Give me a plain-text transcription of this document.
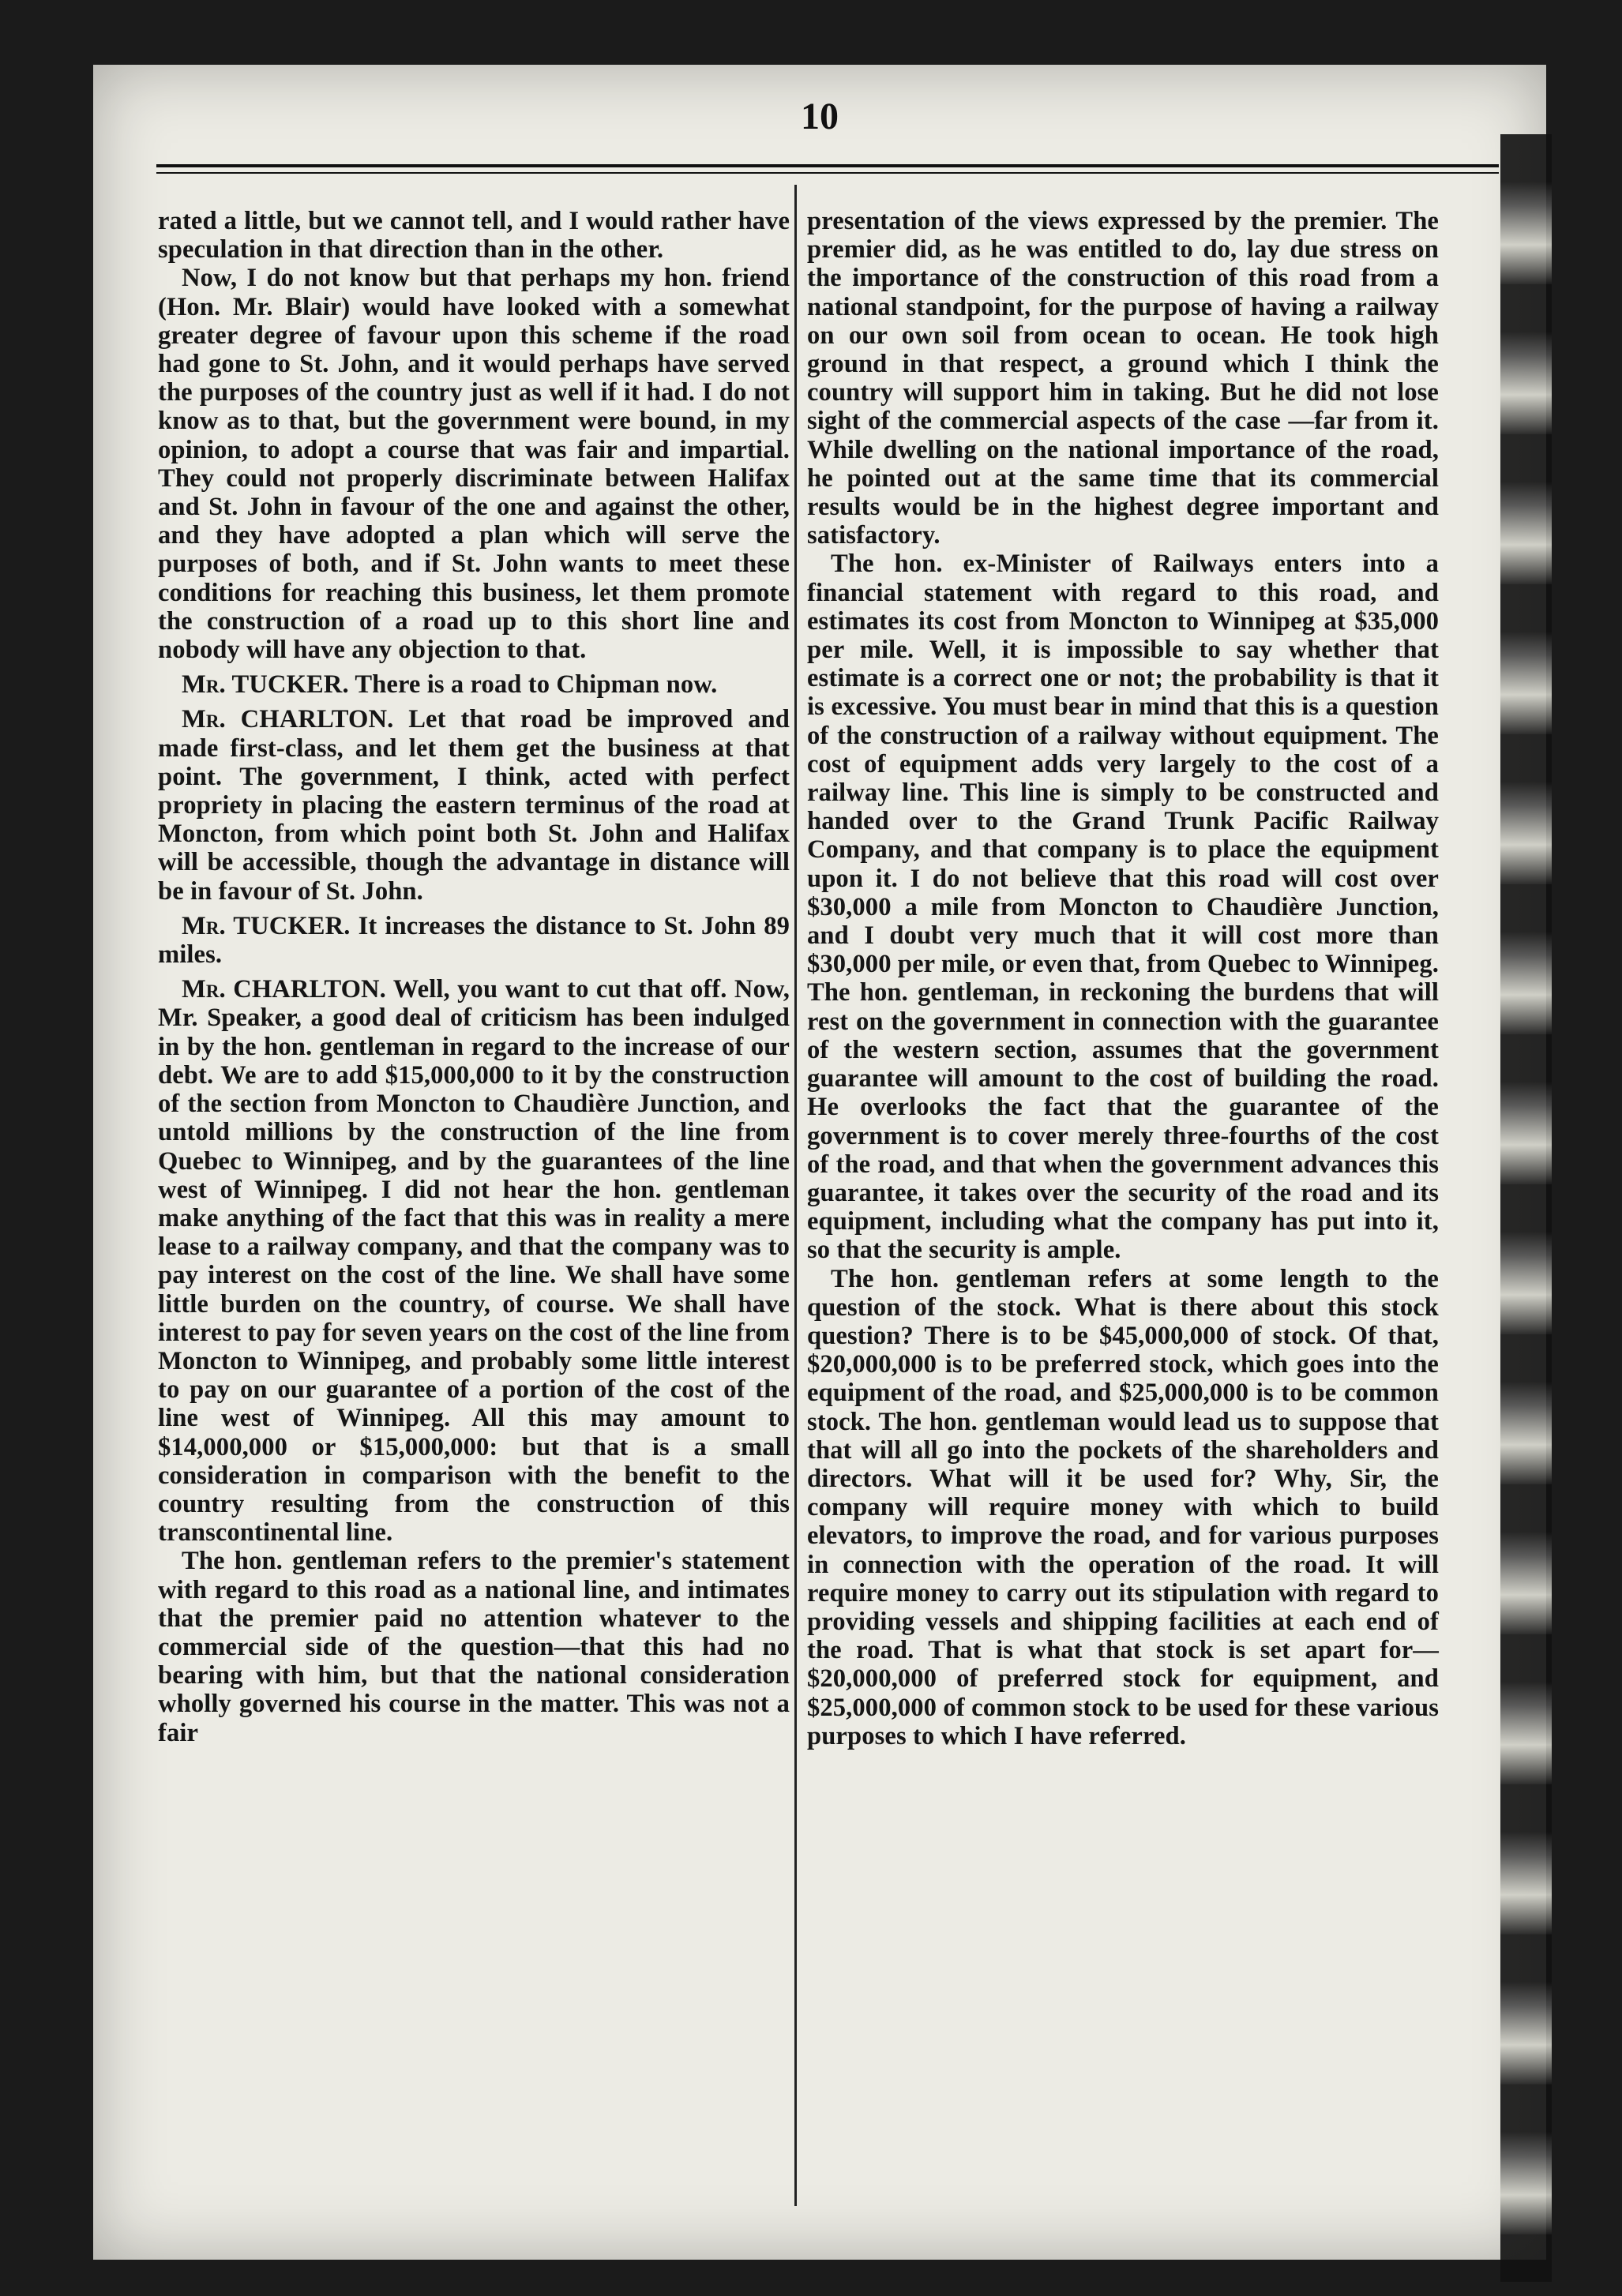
10

rated a little, but we cannot tell, and I would rather have speculation in that direction than in the other.

Now, I do not know but that perhaps my hon. friend (Hon. Mr. Blair) would have looked with a somewhat greater degree of favour upon this scheme if the road had gone to St. John, and it would perhaps have served the purposes of the country just as well if it had. I do not know as to that, but the government were bound, in my opinion, to adopt a course that was fair and impartial. They could not properly discriminate between Halifax and St. John in favour of the one and against the other, and they have adopted a plan which will serve the purposes of both, and if St. John wants to meet these conditions for reaching this business, let them promote the construction of a road up to this short line and nobody will have any objection to that.

Mr. TUCKER. There is a road to Chipman now.

Mr. CHARLTON. Let that road be improved and made first-class, and let them get the business at that point. The government, I think, acted with perfect propriety in placing the eastern terminus of the road at Moncton, from which point both St. John and Halifax will be accessible, though the advantage in distance will be in favour of St. John.

Mr. TUCKER. It increases the distance to St. John 89 miles.

Mr. CHARLTON. Well, you want to cut that off. Now, Mr. Speaker, a good deal of criticism has been indulged in by the hon. gentleman in regard to the increase of our debt. We are to add $15,000,000 to it by the construction of the section from Moncton to Chaudière Junction, and untold millions by the construction of the line from Quebec to Winnipeg, and by the guarantees of the line west of Winnipeg. I did not hear the hon. gentleman make anything of the fact that this was in reality a mere lease to a railway company, and that the company was to pay interest on the cost of the line. We shall have some little burden on the country, of course. We shall have interest to pay for seven years on the cost of the line from Moncton to Winnipeg, and probably some little interest to pay on our guarantee of a portion of the cost of the line west of Winnipeg. All this may amount to $14,000,000 or $15,000,000: but that is a small consideration in comparison with the benefit to the country resulting from the construction of this transcontinental line.

The hon. gentleman refers to the premier's statement with regard to this road as a national line, and intimates that the premier paid no attention whatever to the commercial side of the question—that this had no bearing with him, but that the national consideration wholly governed his course in the matter. This was not a fair

presentation of the views expressed by the premier. The premier did, as he was entitled to do, lay due stress on the importance of the construction of this road from a national standpoint, for the purpose of having a railway on our own soil from ocean to ocean. He took high ground in that respect, a ground which I think the country will support him in taking. But he did not lose sight of the commercial aspects of the case —far from it. While dwelling on the national importance of the road, he pointed out at the same time that its commercial results would be in the highest degree important and satisfactory.

The hon. ex-Minister of Railways enters into a financial statement with regard to this road, and estimates its cost from Moncton to Winnipeg at $35,000 per mile. Well, it is impossible to say whether that estimate is a correct one or not; the probability is that it is excessive. You must bear in mind that this is a question of the construction of a railway without equipment. The cost of equipment adds very largely to the cost of a railway line. This line is simply to be constructed and handed over to the Grand Trunk Pacific Railway Company, and that company is to place the equipment upon it. I do not believe that this road will cost over $30,000 a mile from Moncton to Chaudière Junction, and I doubt very much that it will cost more than $30,000 per mile, or even that, from Quebec to Winnipeg. The hon. gentleman, in reckoning the burdens that will rest on the government in connection with the guarantee of the western section, assumes that the government guarantee will amount to the cost of building the road. He overlooks the fact that the guarantee of the government is to cover merely three-fourths of the cost of the road, and that when the government advances this guarantee, it takes over the security of the road and its equipment, including what the company has put into it, so that the security is ample.

The hon. gentleman refers at some length to the question of the stock. What is there about this stock question? There is to be $45,000,000 of stock. Of that, $20,000,000 is to be preferred stock, which goes into the equipment of the road, and $25,000,000 is to be common stock. The hon. gentleman would lead us to suppose that that will all go into the pockets of the shareholders and directors. What will it be used for? Why, Sir, the company will require money with which to build elevators, to improve the road, and for various purposes in connection with the operation of the road. It will require money to carry out its stipulation with regard to providing vessels and shipping facilities at each end of the road. That is what that stock is set apart for—$20,000,000 of preferred stock for equipment, and $25,000,000 of common stock to be used for these various purposes to which I have referred.
